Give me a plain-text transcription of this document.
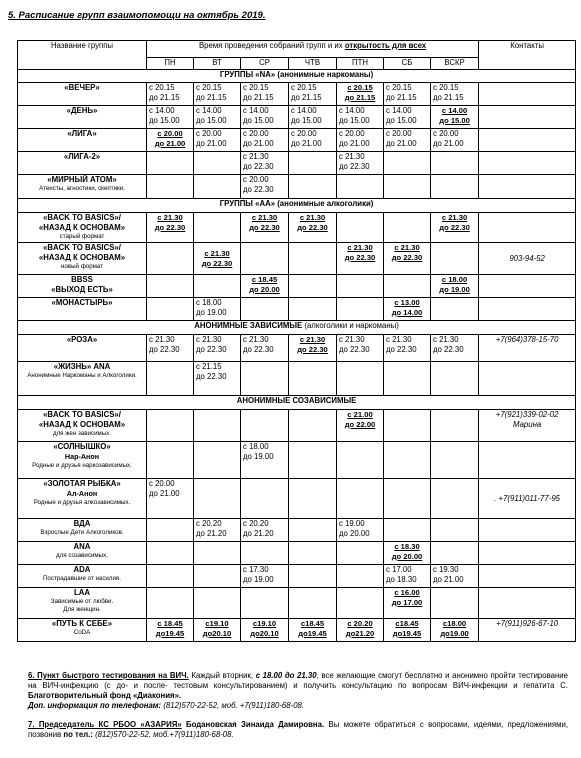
5. Расписание групп взаимопомощи на октябрь 2019.
Название группы	Время проведения собраний групп и их открытость для всех							Контакты
	ПН	ВТ	СР	ЧТВ	ПТН	СБ	ВСКР	
ГРУППЫ «NA» (анонимные наркоманы)								

«ВЕЧЕР»	с 20.15
до 21.15	с 20.15
до 21.15	с 20.15
до 21.15	с 20.15
до 21.15	с 20.15
до 21.15	с 20.15
до 21.15	с 20.15
до 21.15	

«ДЕНЬ»	с 14.00
до 15.00	с 14.00
до 15.00	с 14.00
до 15.00	с 14.00
до 15.00	с 14.00
до 15.00	с 14.00
до 15.00	с 14.00
до 15.00	

«ЛИГА»	с 20.00
до 21.00	с 20.00
до 21.00	с 20.00
до 21.00	с 20.00
до 21.00	с 20.00
до 21.00	с 20.00
до 21.00	с 20.00
до 21.00	

«ЛИГА-2»			с 21.30
до 22.30		с 21.30
до 22.30			

«МИРНЫЙ АТОМ»
Атеисты, агностики, скептики.			с 20.00
до 22.30					

ГРУППЫ «АА» (анонимные алкоголики)								

«BACK TO BASICS»/
«НАЗАД К ОСНОВАМ»
старый формат	с 21.30
до 22.30		с 21.30
до 22.30	с 21.30
до 22.30			с 21.30
до 22.30	

«BACK TO BASICS»/
«НАЗАД К ОСНОВАМ»
новый формат		с 21.30
до 22.30			с 21.30
до 22.30	с 21.30
до 22.30		903-94-52

BBSS
«ВЫХОД ЕСТЬ»			с 18.45
до 20.00				с 18.00
до 19.00	

«МОНАСТЫРЬ»		с 18.00
до 19.00				с 13.00
до 14.00		

АНОНИМНЫЕ ЗАВИСИМЫЕ (алкоголики и наркоманы)								

«РОЗА»	с 21.30
до 22.30	с 21.30
до 22.30	с 21.30
до 22.30	с 21.30
до 22.30	с 21.30
до 22.30	с 21.30
до 22.30	с 21.30
до 22.30	+7(964)378-15-70

«ЖИЗНЬ» ANA
Анонимные Наркоманы и Алкоголики.		с 21.15
до 22.30						

АНОНИМНЫЕ СОЗАВИСИМЫЕ								

«BACK TO BASICS»/
«НАЗАД К ОСНОВАМ»
для жен зависимых.					с 21.00
до 22.00			+7(921)339-02-02
Марина

«СОЛНЫШКО»
Нар-Анон
Родные и друзья наркозависимых.			с 18.00
до 19.00					

«ЗОЛОТАЯ РЫБКА»
Ал-Анон
Родные и друзья алкозависимых.	с 20.00
до 21.00							. +7(911)011-77-95

ВДА
Взрослые Дети Алкоголиков.		с 20.20
до 21.20	с 20.20
до 21.20		с 19.00
до 20.00			

ANA
для созависимых.						с 18.30
до 20.00		

ADA
Пострадавшие от насилия.			с 17.30
до 19.00			с 17.00
до 18.30	с 19.30
до 21.00	

LAA
Зависимые от любви.
Для женщин.						с 16.00
до 17.00		

«ПУТЬ К СЕБЕ»
CoDA	с 18.45
до19.45	с19.10
до20.10	с19.10
до20.10	с18.45
до19.45	с 20.20
до21.20	с18.45
до19.45	с18.00
до19.00	+7(911)926-67-10
6. Пункт быстрого тестирования на ВИЧ. Каждый вторник, с 18.00 до 21.30, все желающие смогут бесплатно и анонимно пройти тестирование на ВИЧ-инфекцию (с до- и после- тестовым консультированием) и получить консультацию по вопросам ВИЧ-инфекции и гепатита С. Благотворительный фонд «Диакония».
Доп. информация по телефонам: (812)570-22-52, моб. +7(911)180-68-08.
7. Председатель КС РБОО «АЗАРИЯ» Бодановская Зинаида Дамировна. Вы можете обратиться с вопросами, идеями, предложениями, позвонив по тел.: (812)570-22-52, моб.+7(911)180-68-08.
